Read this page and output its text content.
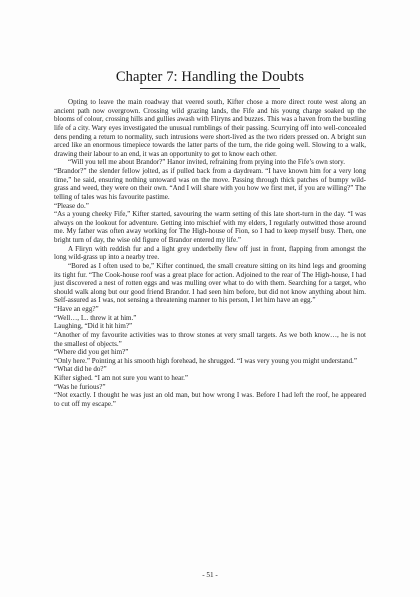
Chapter 7: Handling the Doubts

Opting to leave the main roadway that veered south, Kifter chose a more direct route west along an ancient path now overgrown. Crossing wild grazing lands, the Fife and his young charge soaked up the blooms of colour, crossing hills and gullies awash with Fliryns and buzzes. This was a haven from the bustling life of a city. Wary eyes investigated the unusual rumblings of their passing. Scurrying off into well-concealed dens pending a return to normality, such intrusions were short-lived as the two riders pressed on. A bright sun arced like an enormous timepiece towards the latter parts of the turn, the ride going well. Slowing to a walk, drawing their labour to an end, it was an opportunity to get to know each other.

“Will you tell me about Brandor?” Hanor invited, refraining from prying into the Fife’s own story.

“Brandor?” the slender fellow jolted, as if pulled back from a daydream. “I have known him for a very long time,” he said, ensuring nothing untoward was on the move. Passing through thick patches of bumpy wild-grass and weed, they were on their own. “And I will share with you how we first met, if you are willing?” The telling of tales was his favourite pastime.

“Please do.”

“As a young cheeky Fife,” Kifter started, savouring the warm setting of this late short-turn in the day. “I was always on the lookout for adventure. Getting into mischief with my elders, I regularly outwitted those around me. My father was often away working for The High-house of Fion, so I had to keep myself busy. Then, one bright turn of day, the wise old figure of Brandor entered my life.”

A Fliryn with reddish fur and a light grey underbelly flew off just in front, flapping from amongst the long wild-grass up into a nearby tree.

“Bored as I often used to be,” Kifter continued, the small creature sitting on its hind legs and grooming its tight fur. “The Cook-house roof was a great place for action. Adjoined to the rear of The High-house, I had just discovered a nest of rotten eggs and was mulling over what to do with them. Searching for a target, who should walk along but our good friend Brandor. I had seen him before, but did not know anything about him. Self-assured as I was, not sensing a threatening manner to his person, I let him have an egg.”

“Have an egg?”

“Well…, I... threw it at him.”

Laughing, “Did it hit him?”

“Another of my favourite activities was to throw stones at very small targets. As we both know…, he is not the smallest of objects.”

“Where did you get him?”

“Only here.” Pointing at his smooth high forehead, he shrugged. “I was very young you might understand.”

“What did he do?”

Kifter sighed. “I am not sure you want to hear.”

“Was he furious?”

“Not exactly. I thought he was just an old man, but how wrong I was. Before I had left the roof, he appeared to cut off my escape.”

- 51 -
